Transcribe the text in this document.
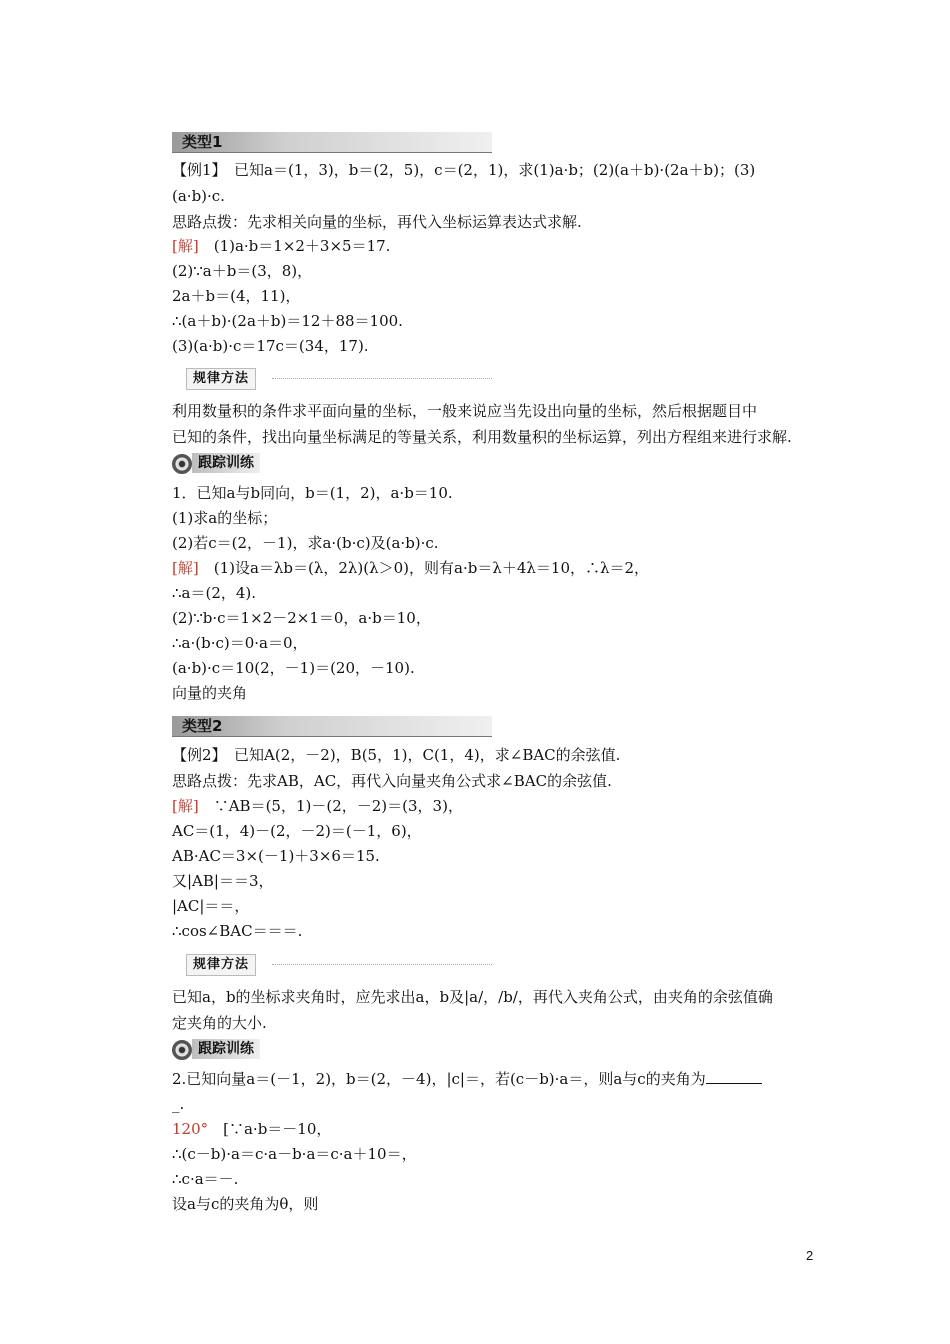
类型1
【例1】　已知a＝(1，3)，b＝(2，5)，c＝(2，1)，求(1)a·b；(2)(a＋b)·(2a＋b)；(3)
(a·b)·c.
思路点拨：先求相关向量的坐标，再代入坐标运算表达式求解.
[解]　(1)a·b＝1×2＋3×5＝17.
(2)∵a＋b＝(3，8)，
2a＋b＝(4，11)，
∴(a＋b)·(2a＋b)＝12＋88＝100.
(3)(a·b)·c＝17c＝(34，17).
规律方法
利用数量积的条件求平面向量的坐标，一般来说应当先设出向量的坐标，然后根据题目中
已知的条件，找出向量坐标满足的等量关系，利用数量积的坐标运算，列出方程组来进行求解.
跟踪训练
1．已知a与b同向，b＝(1，2)，a·b＝10.
(1)求a的坐标；
(2)若c＝(2，－1)，求a·(b·c)及(a·b)·c.
[解]　(1)设a＝λb＝(λ，2λ)(λ＞0)，则有a·b＝λ＋4λ＝10，∴λ＝2，
∴a＝(2，4).
(2)∵b·c＝1×2－2×1＝0，a·b＝10，
∴a·(b·c)＝0·a＝0，
(a·b)·c＝10(2，－1)＝(20，－10).
向量的夹角
类型2
【例2】　已知A(2，－2)，B(5，1)，C(1，4)，求∠BAC的余弦值.
思路点拨：先求AB，AC，再代入向量夹角公式求∠BAC的余弦值.
[解]　∵AB＝(5，1)－(2，－2)＝(3，3)，
AC＝(1，4)－(2，－2)＝(－1，6)，
AB·AC＝3×(－1)＋3×6＝15.
又|AB|＝＝3，
|AC|＝＝，
∴cos∠BAC＝＝＝.
规律方法
已知a，b的坐标求夹角时，应先求出a，b及|a/，/b/，再代入夹角公式，由夹角的余弦值确
定夹角的大小.
跟踪训练
2.已知向量a＝(－1，2)，b＝(2，－4)，|c|＝，若(c－b)·a＝，则a与c的夹角为
_.
120°　[∵a·b＝－10，
∴(c－b)·a＝c·a－b·a＝c·a＋10＝，
∴c·a＝－.
设a与c的夹角为θ，则
2
